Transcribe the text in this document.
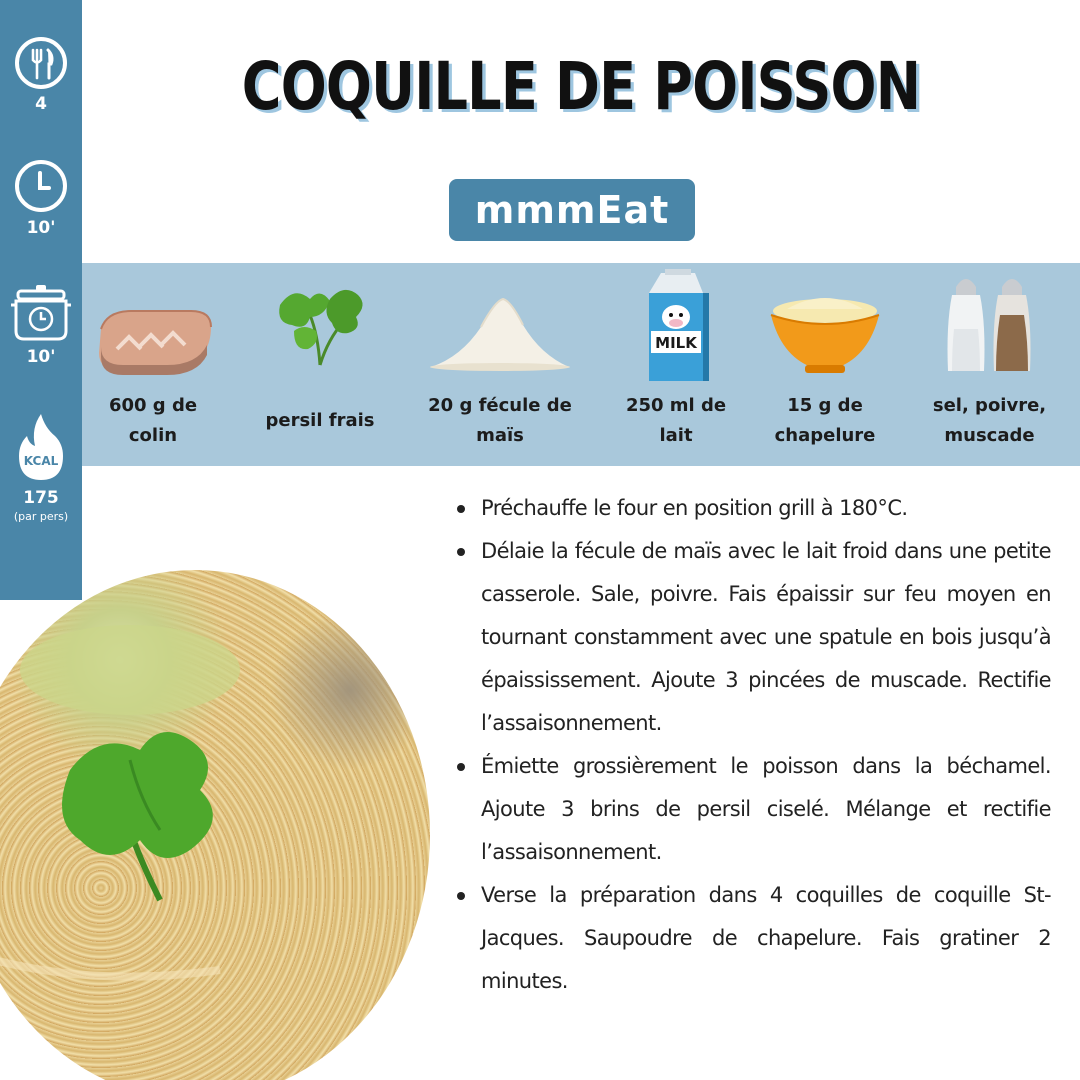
4
10'
10'
KCAL
175
(par pers)
COQUILLE DE POISSON
mmmEat
600 g de colin
persil frais
20 g fécule de maïs
MILK
250 ml de lait
15 g de chapelure
sel, poivre, muscade
Préchauffe le four en position grill à 180°C.
Délaie la fécule de maïs avec le lait froid dans une petite casserole. Sale, poivre. Fais épaissir sur feu moyen en tournant constamment avec une spatule en bois jusqu’à épaississement. Ajoute 3 pincées de muscade. Rectifie l’assaisonnement.
Émiette grossièrement le poisson dans la béchamel. Ajoute 3 brins de persil ciselé. Mélange et rectifie l’assaisonnement.
Verse la préparation dans 4 coquilles de coquille St-Jacques. Saupoudre de chapelure. Fais gratiner 2 minutes.
